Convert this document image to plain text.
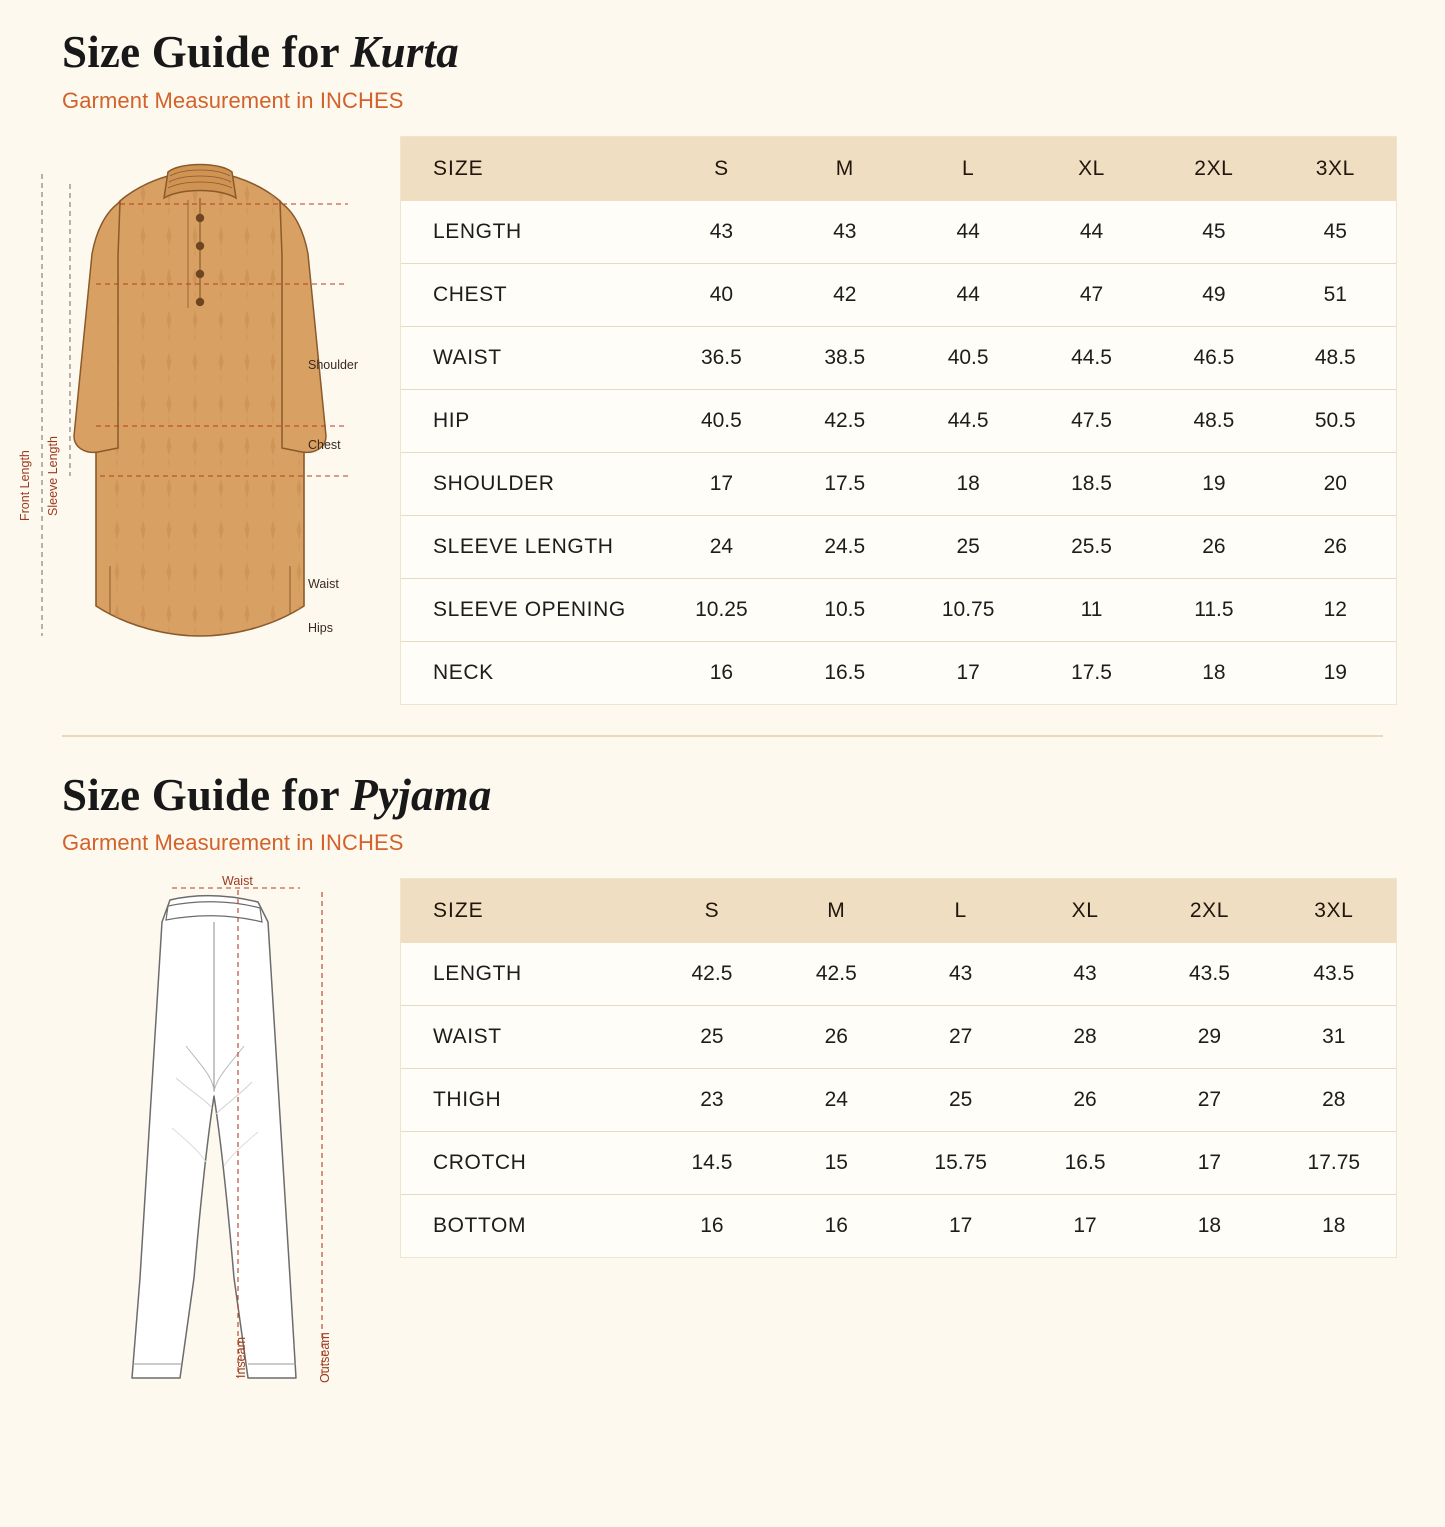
Size Guide for Kurta

Garment Measurement in INCHES

Shoulder
Chest
Waist
Hips
Front Length Sleeve Length
SIZE	S	M	L	XL	2XL	3XL
LENGTH	43	43	44	44	45	45
CHEST	40	42	44	47	49	51
WAIST	36.5	38.5	40.5	44.5	46.5	48.5
HIP	40.5	42.5	44.5	47.5	48.5	50.5
SHOULDER	17	17.5	18	18.5	19	20
SLEEVE LENGTH	24	24.5	25	25.5	26	26
SLEEVE OPENING	10.25	10.5	10.75	11	11.5	12
NECK	16	16.5	17	17.5	18	19
Size Guide for Pyjama

Garment Measurement in INCHES

Waist
Inseam	Outseam
SIZE	S	M	L	XL	2XL	3XL
LENGTH	42.5	42.5	43	43	43.5	43.5
WAIST	25	26	27	28	29	31
THIGH	23	24	25	26	27	28
CROTCH	14.5	15	15.75	16.5	17	17.75
BOTTOM	16	16	17	17	18	18
